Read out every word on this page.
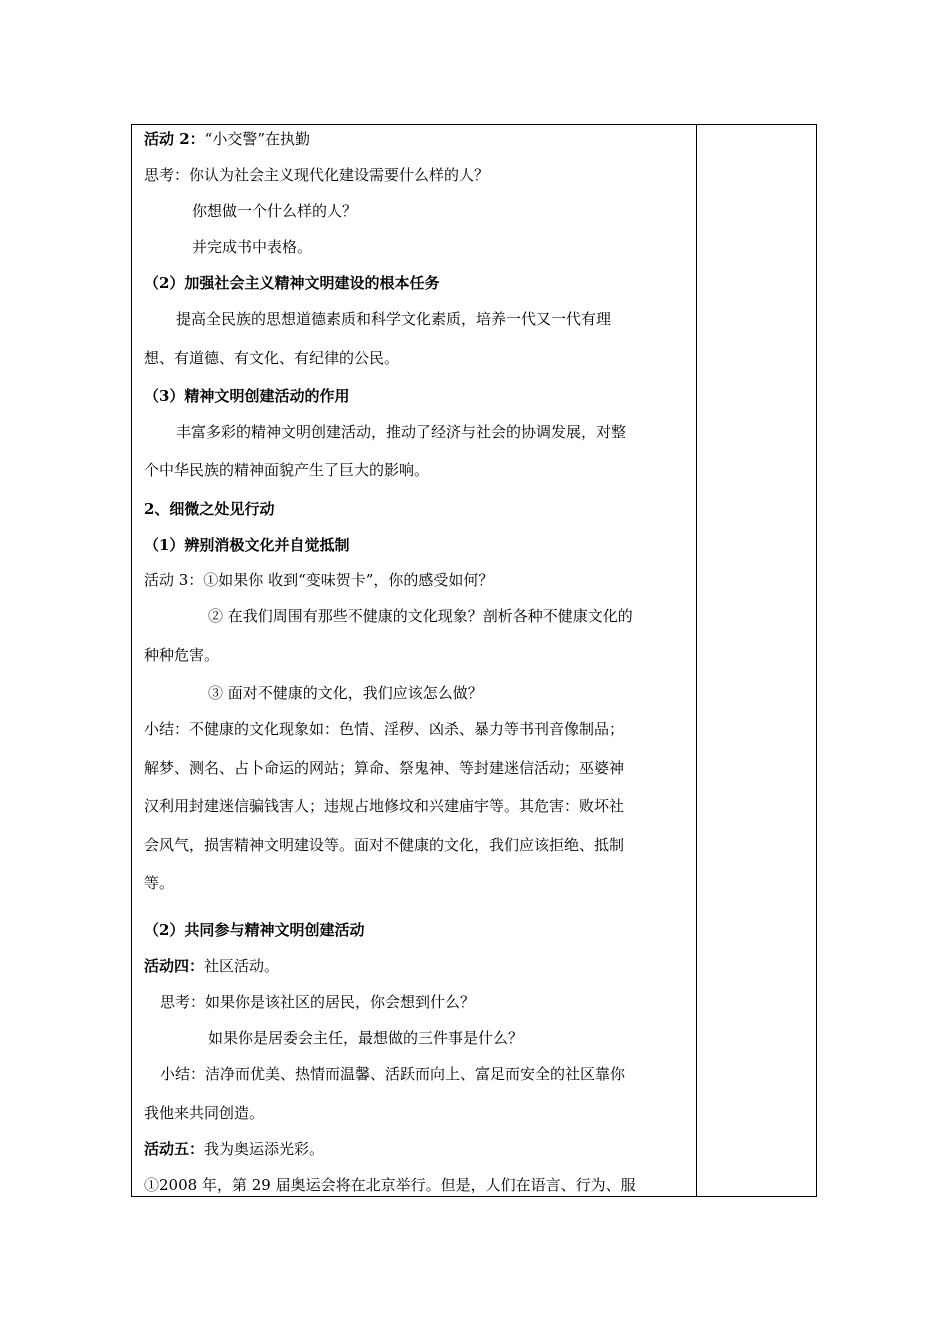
活动 2：“小交警”在执勤
思考：你认为社会主义现代化建设需要什么样的人？
你想做一个什么样的人？
并完成书中表格。
（2）加强社会主义精神文明建设的根本任务
提高全民族的思想道德素质和科学文化素质，培养一代又一代有理
想、有道德、有文化、有纪律的公民。
（3）精神文明创建活动的作用
丰富多彩的精神文明创建活动，推动了经济与社会的协调发展，对整
个中华民族的精神面貌产生了巨大的影响。
2、细微之处见行动
（1）辨别消极文化并自觉抵制
活动 3：①如果你 收到“变味贺卡”，你的感受如何？
② 在我们周围有那些不健康的文化现象？剖析各种不健康文化的
种种危害。
③ 面对不健康的文化，我们应该怎么做？
小结：不健康的文化现象如：色情、淫秽、凶杀、暴力等书刊音像制品；
解梦、测名、占卜命运的网站；算命、祭鬼神、等封建迷信活动；巫婆神
汉利用封建迷信骗钱害人；违规占地修坟和兴建庙宇等。其危害：败坏社
会风气，损害精神文明建设等。面对不健康的文化，我们应该拒绝、抵制
等。
（2）共同参与精神文明创建活动
活动四：社区活动。
思考：如果你是该社区的居民，你会想到什么？
如果你是居委会主任，最想做的三件事是什么？
小结：洁净而优美、热情而温馨、活跃而向上、富足而安全的社区靠你
我他来共同创造。
活动五：我为奥运添光彩。
①2008 年，第 29 届奥运会将在北京举行。但是，人们在语言、行为、服
